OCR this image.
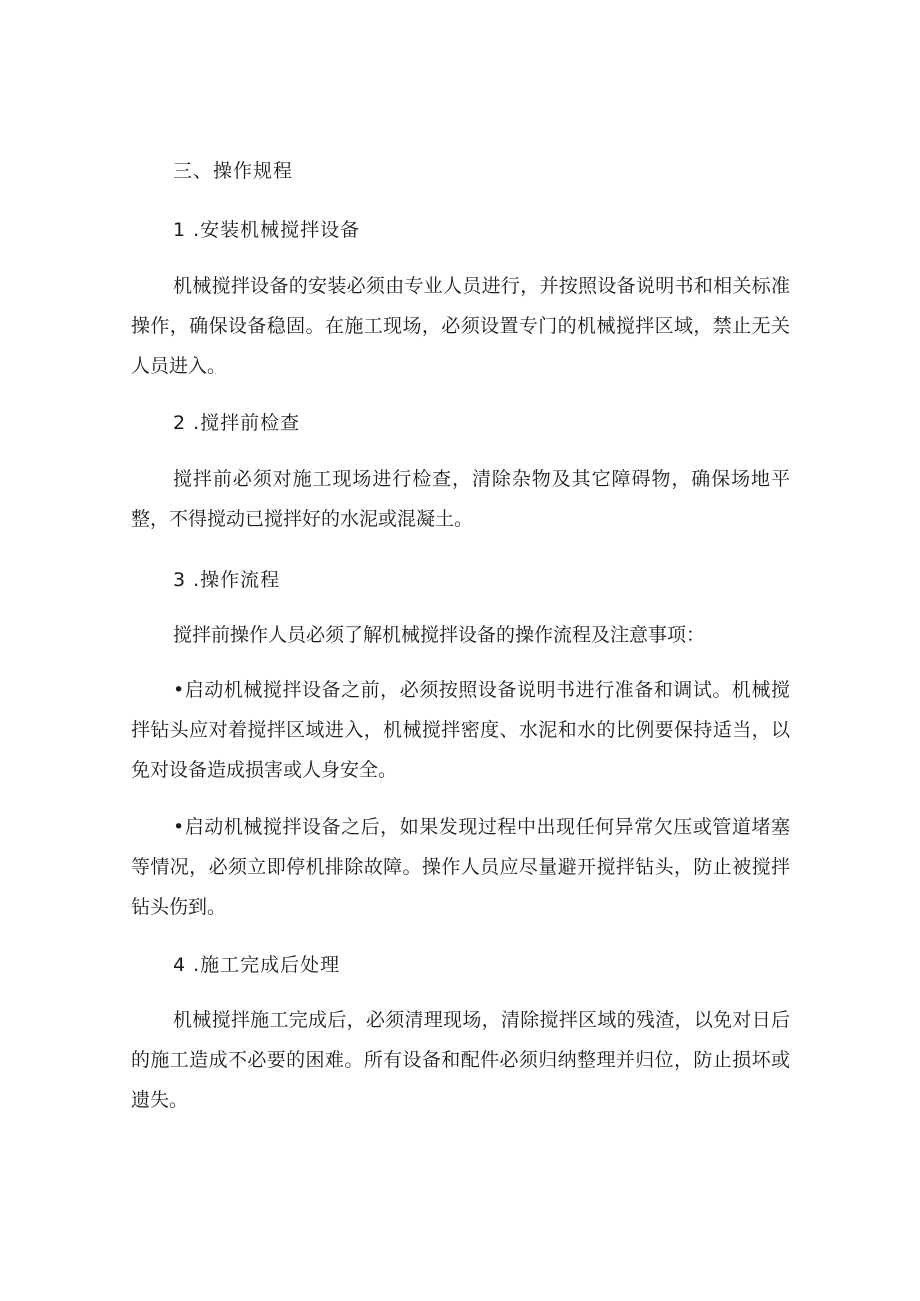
三、操作规程
1 .安装机械搅拌设备

机械搅拌设备的安装必须由专业人员进行，并按照设备说明书和相关标准操作，确保设备稳固。在施工现场，必须设置专门的机械搅拌区域，禁止无关人员进入。

2 .搅拌前检查

搅拌前必须对施工现场进行检查，清除杂物及其它障碍物，确保场地平整，不得搅动已搅拌好的水泥或混凝土。

3 .操作流程

搅拌前操作人员必须了解机械搅拌设备的操作流程及注意事项：

•启动机械搅拌设备之前，必须按照设备说明书进行准备和调试。机械搅拌钻头应对着搅拌区域进入，机械搅拌密度、水泥和水的比例要保持适当，以免对设备造成损害或人身安全。

•启动机械搅拌设备之后，如果发现过程中出现任何异常欠压或管道堵塞等情况，必须立即停机排除故障。操作人员应尽量避开搅拌钻头，防止被搅拌钻头伤到。

4 .施工完成后处理

机械搅拌施工完成后，必须清理现场，清除搅拌区域的残渣，以免对日后的施工造成不必要的困难。所有设备和配件必须归纳整理并归位，防止损坏或遗失。
